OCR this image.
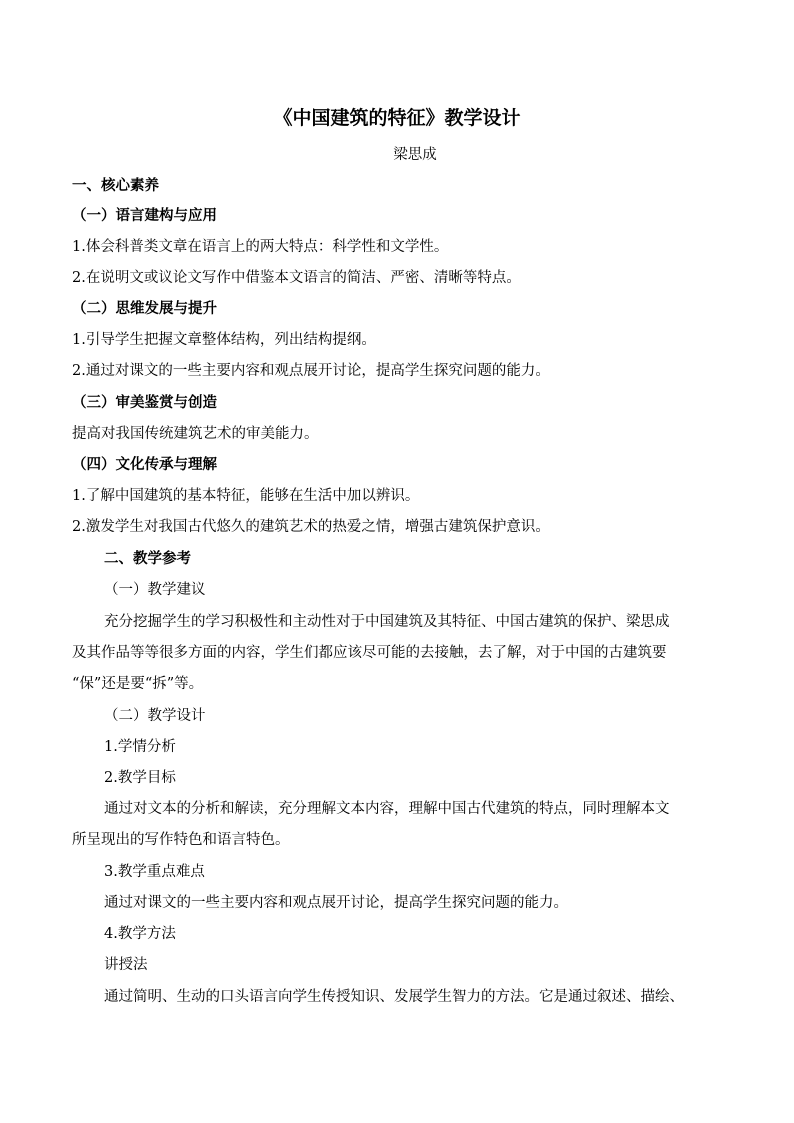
《中国建筑的特征》教学设计
梁思成
一、核心素养
（一）语言建构与应用
1.体会科普类文章在语言上的两大特点：科学性和文学性。
2.在说明文或议论文写作中借鉴本文语言的简洁、严密、清晰等特点。
（二）思维发展与提升
1.引导学生把握文章整体结构，列出结构提纲。
2.通过对课文的一些主要内容和观点展开讨论，提高学生探究问题的能力。
（三）审美鉴赏与创造
提高对我国传统建筑艺术的审美能力。
（四）文化传承与理解
1.了解中国建筑的基本特征，能够在生活中加以辨识。
2.激发学生对我国古代悠久的建筑艺术的热爱之情，增强古建筑保护意识。
二、教学参考
（一）教学建议
充分挖掘学生的学习积极性和主动性对于中国建筑及其特征、中国古建筑的保护、梁思成
及其作品等等很多方面的内容，学生们都应该尽可能的去接触，去了解，对于中国的古建筑要
“保”还是要“拆”等。
（二）教学设计
1.学情分析
2.教学目标
通过对文本的分析和解读，充分理解文本内容，理解中国古代建筑的特点，同时理解本文
所呈现出的写作特色和语言特色。
3.教学重点难点
通过对课文的一些主要内容和观点展开讨论，提高学生探究问题的能力。
4.教学方法
讲授法
通过简明、生动的口头语言向学生传授知识、发展学生智力的方法。它是通过叙述、描绘、
